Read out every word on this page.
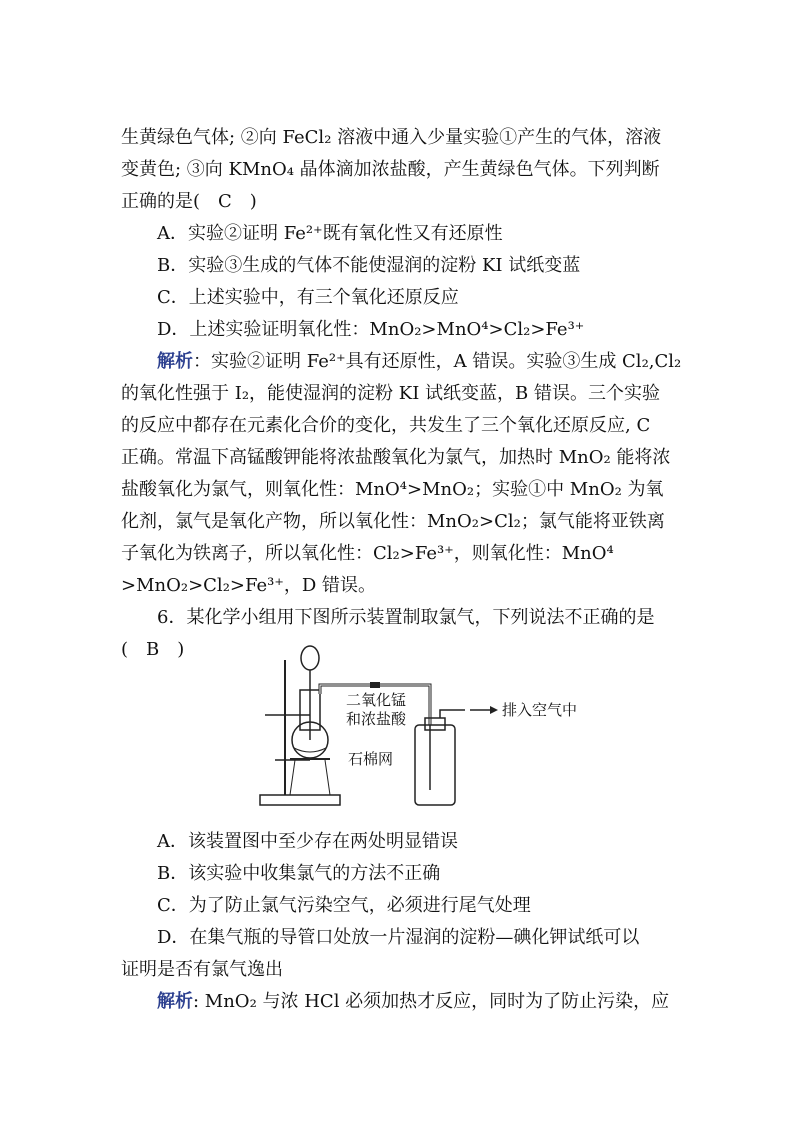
生黄绿色气体; ②向 FeCl₂ 溶液中通入少量实验①产生的气体，溶液
变黄色; ③向 KMnO₄ 晶体滴加浓盐酸，产生黄绿色气体。下列判断
正确的是(　C　)
A．实验②证明 Fe²⁺既有氧化性又有还原性
B．实验③生成的气体不能使湿润的淀粉 KI 试纸变蓝
C．上述实验中，有三个氧化还原反应
D．上述实验证明氧化性：MnO₂>MnO⁴>Cl₂>Fe³⁺
解析：实验②证明 Fe²⁺具有还原性，A 错误。实验③生成 Cl₂,Cl₂
的氧化性强于 I₂，能使湿润的淀粉 KI 试纸变蓝，B 错误。三个实验
的反应中都存在元素化合价的变化，共发生了三个氧化还原反应, C
正确。常温下高锰酸钾能将浓盐酸氧化为氯气，加热时 MnO₂ 能将浓
盐酸氧化为氯气，则氧化性：MnO⁴>MnO₂；实验①中 MnO₂ 为氧
化剂，氯气是氧化产物，所以氧化性：MnO₂>Cl₂；氯气能将亚铁离
子氧化为铁离子，所以氧化性：Cl₂>Fe³⁺，则氧化性：MnO⁴
>MnO₂>Cl₂>Fe³⁺，D 错误。
6．某化学小组用下图所示装置制取氯气，下列说法不正确的是
(　B　)
二氧化锰
和浓盐酸
石棉网
排入空气中
A．该装置图中至少存在两处明显错误
B．该实验中收集氯气的方法不正确
C．为了防止氯气污染空气，必须进行尾气处理
D．在集气瓶的导管口处放一片湿润的淀粉—碘化钾试纸可以
证明是否有氯气逸出
解析: MnO₂ 与浓 HCl 必须加热才反应，同时为了防止污染，应
